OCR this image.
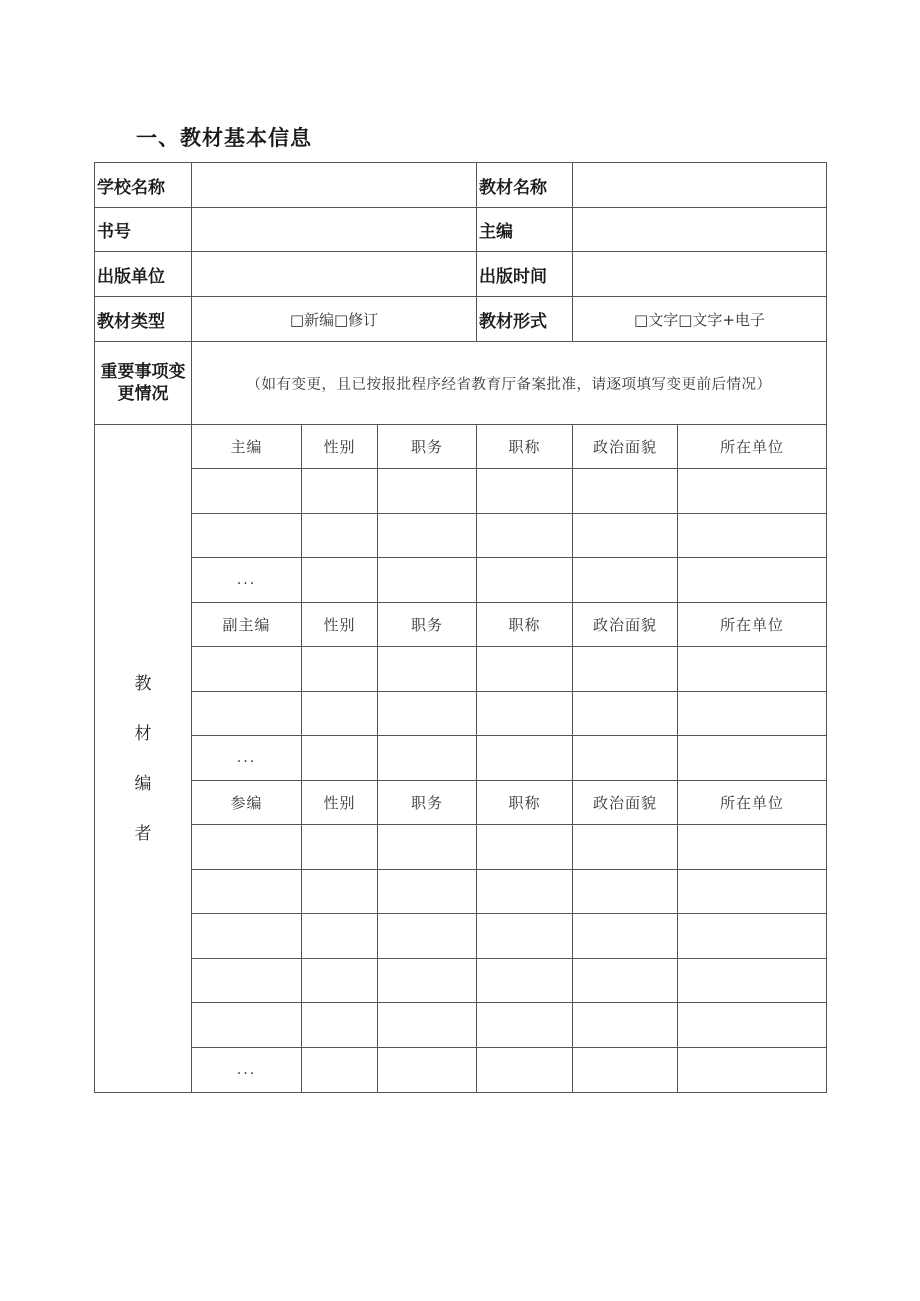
一、教材基本信息
学校名称				教材名称		
书号				主编		
出版单位				出版时间		
教材类型	□新编□修订			教材形式	□文字□文字+电子	

重要事项变
更情况	（如有变更，且已按报批程序经省教育厅备案批准，请逐项填写变更前后情况）					

教
材
编
者	主编	性别	职务	职称	政治面貌	所在单位

	...					
	副主编	性别	职务	职称	政治面貌	所在单位

	...					
	参编	性别	职务	职称	政治面貌	所在单位

	...					
